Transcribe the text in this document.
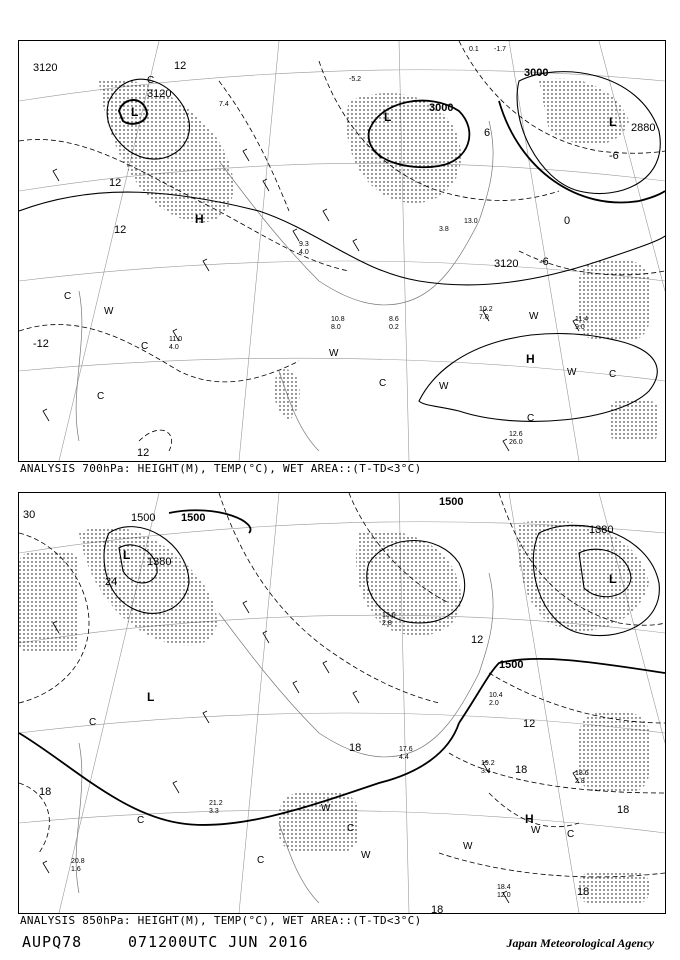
3120
3120
3000
3000
3120
2880
12
12
12
-12
12
0
-6
6
-6
L	L
H
L
H
C
C
C
C
W
W
W
W
W
C
C
C
10.2
7.0	11.4
9.0
12.6
26.0
8.6
0.2
10.8
8.0
11.0
4.0
3.8
-1.7
0.1
13.0
7.4
-5.2
9.3
4.0
ANALYSIS 700hPa: HEIGHT(M), TEMP(°C), WET AREA::(T-TD<3°C)
1500
1500
1500
1380
1380
1500
30
24
18
18
12
18
18
18
18
12
L
L
L
H
C
C
C
W
W
W
W	C
C
19.2
3.4	18.6
2.8
18.4
12.0
21.2
3.3
17.6
4.4
20.8
1.6
10.4
2.0
13.6
2.8
ANALYSIS 850hPa: HEIGHT(M), TEMP(°C), WET AREA::(T-TD<3°C)
AUPQ78	071200UTC JUN 2016	Japan Meteorological Agency
